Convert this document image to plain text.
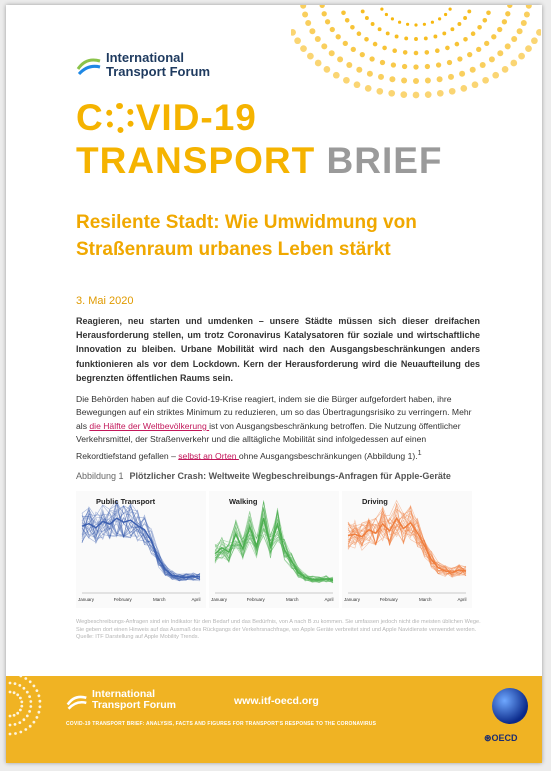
International
Transport Forum
C VID-19
TRANSPORT BRIEF
Resilente Stadt: Wie Umwidmung von Straßenraum urbanes Leben stärkt
3. Mai 2020
Reagieren, neu starten und umdenken – unsere Städte müssen sich dieser dreifachen Herausforderung stellen, um trotz Coronavirus Katalysatoren für soziale und wirtschaftliche Innovation zu bleiben. Urbane Mobilität wird nach den Ausgangsbeschränkungen anders funktionieren als vor dem Lockdown. Kern der Herausforderung wird die Neuaufteilung des begrenzten öffentlichen Raums sein.
Die Behörden haben auf die Covid-19-Krise reagiert, indem sie die Bürger aufgefordert haben, ihre Bewegungen auf ein striktes Minimum zu reduzieren, um so das Übertragungsrisiko zu verringern. Mehr als die Hälfte der Weltbevölkerung ist von Ausgangsbeschränkung betroffen. Die Nutzung öffentlicher Verkehrsmittel, der Straßenverkehr und die alltägliche Mobilität sind infolgedessen auf einen Rekordtiefstand gefallen – selbst an Orten ohne Ausgangsbeschränkungen (Abbildung 1).$^1$
Abbildung 1 Plötzlicher Crash: Weltweite Wegbeschreibungs-Anfragen für Apple-Geräte
January	February	March	April
Public Transport
January	February	March	April
Walking
January	February	March	April
Driving
Wegbeschreibungs-Anfragen sind ein Indikator für den Bedarf und das Bedürfnis, von A nach B zu kommen. Sie umfassen jedoch nicht die meisten üblichen Wege. Sie geben dort einen Hinweis auf das Ausmaß des Rückgangs der Verkehrsnachfrage, wo Apple Geräte verbreitet sind und Apple Navidienste verwendet werden. Quelle: ITF Darstellung auf Apple Mobility Trends.
International
Transport Forum	www.itf-oecd.org
COVID-19 TRANSPORT BRIEF: ANALYSIS, FACTS AND FIGURES FOR TRANSPORT'S RESPONSE TO THE CORONAVIRUS
⊛OECD
